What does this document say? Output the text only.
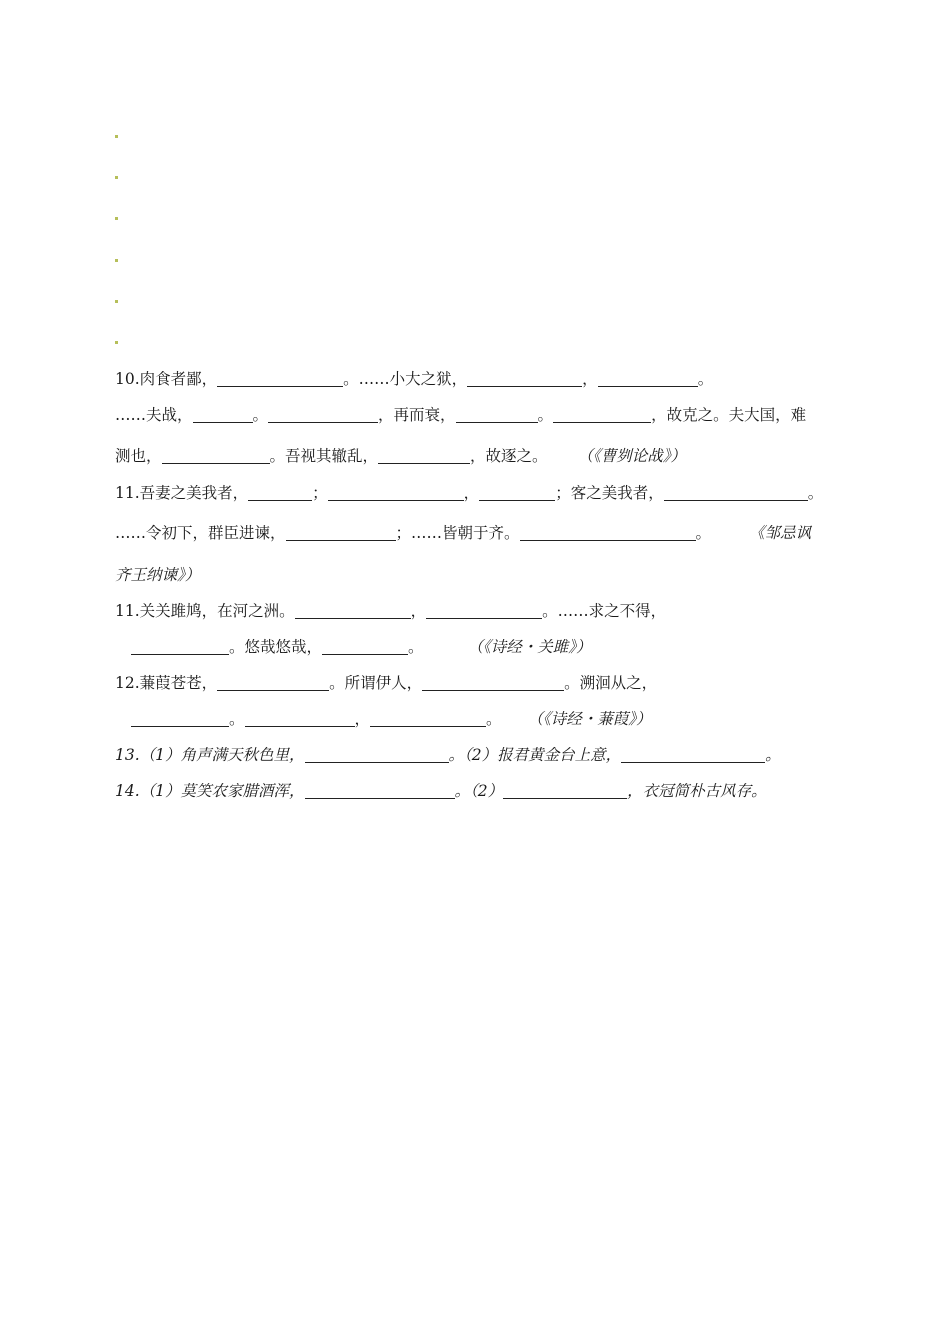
10.肉食者鄙，	。……小大之狱，	，	。
……夫战，	。	，再而衰，	。	，故克之。夫大国，难
测也，	。吾视其辙乱，	，故逐之。 （《曹刿论战》）
11.吾妻之美我者，	；	，	；客之美我者，	。
……令初下，群臣进谏，	；……皆朝于齐。	。 《邹忌讽
齐王纳谏》）
11.关关雎鸠，在河之洲。	，	。……求之不得，
。悠哉悠哉，	。	（《诗经・关雎》）
12.蒹葭苍苍，	。所谓伊人，	。溯洄从之，
。	，	。 （《诗经・蒹葭》）
13.（1）角声满天秋色里，	。（2）报君黄金台上意，	。
14.（1）莫笑农家腊酒浑，	。（2）	，衣冠简朴古风存。
